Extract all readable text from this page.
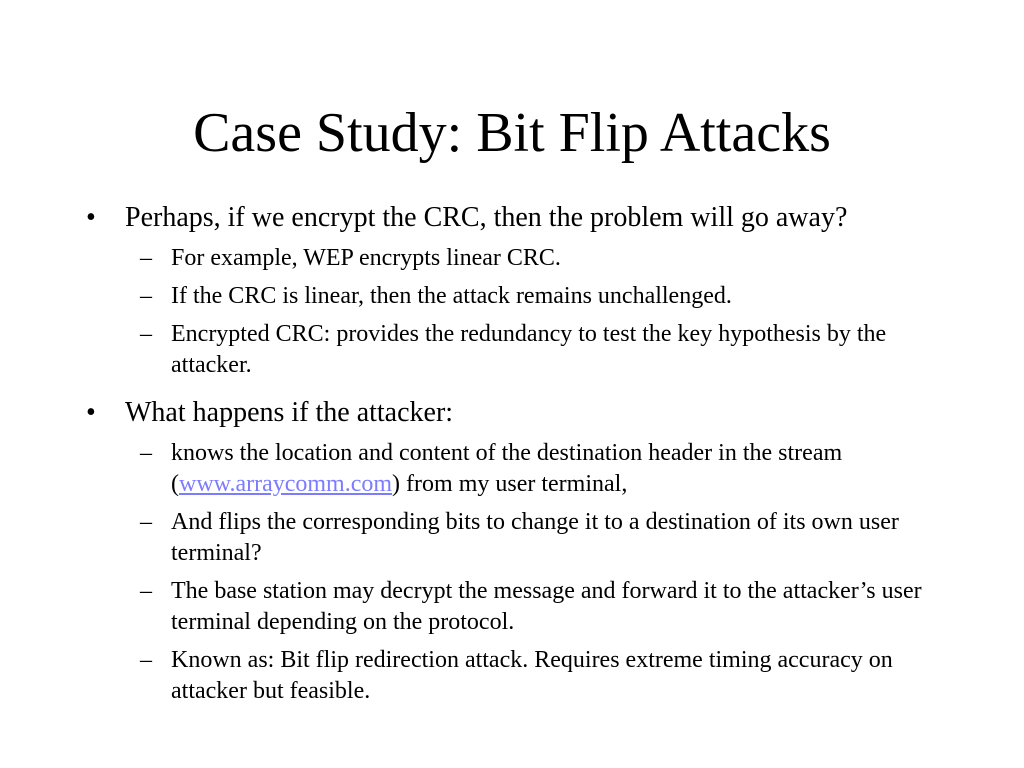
Case Study: Bit Flip Attacks
• Perhaps, if we encrypt the CRC, then the problem will go away?
– For example, WEP encrypts linear CRC.
– If the CRC is linear, then the attack remains unchallenged.
– Encrypted CRC: provides the redundancy to test the key hypothesis by the attacker.
• What happens if the attacker:
– knows the location and content of the destination header in the stream (www.arraycomm.com) from my user terminal,
– And flips the corresponding bits to change it to a destination of its own user terminal?
– The base station may decrypt the message and forward it to the attacker’s user terminal depending on the protocol.
– Known as: Bit flip redirection attack. Requires extreme timing accuracy on attacker but feasible.
